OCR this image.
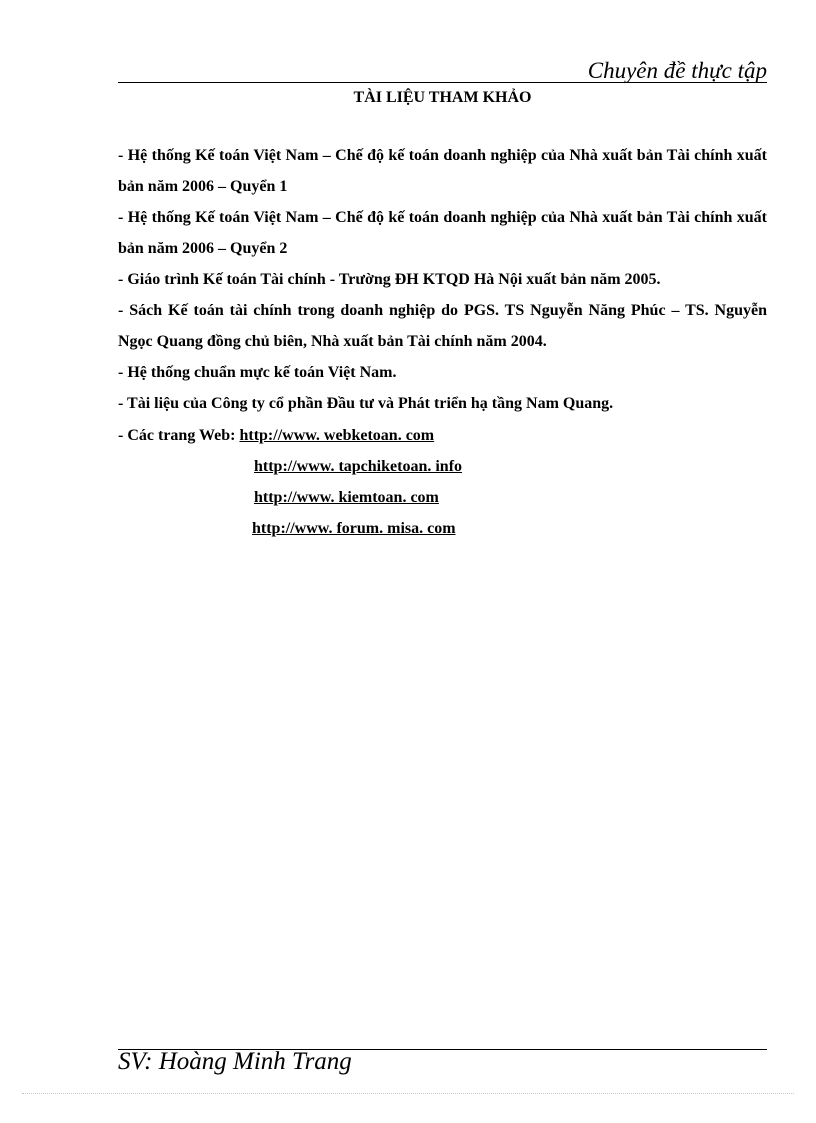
Chuyên đề thực tập
TÀI LIỆU THAM KHẢO

- Hệ thống Kế toán Việt Nam – Chế độ kế toán doanh nghiệp của Nhà xuất bản Tài chính xuất bản năm 2006 – Quyển 1

- Hệ thống Kế toán Việt Nam – Chế độ kế toán doanh nghiệp của Nhà xuất bản Tài chính xuất bản năm 2006 – Quyển 2

- Giáo trình Kế toán Tài chính - Trường ĐH KTQD Hà Nội xuất bản năm 2005.

- Sách Kế toán tài chính trong doanh nghiệp do PGS. TS Nguyễn Năng Phúc – TS. Nguyễn Ngọc Quang đồng chủ biên, Nhà xuất bản Tài chính năm 2004.

- Hệ thống chuẩn mực kế toán Việt Nam.

- Tài liệu của Công ty cổ phần Đầu tư và Phát triển hạ tầng Nam Quang.

- Các trang Web: http://www. webketoan. com
http://www. tapchiketoan. info
http://www. kiemtoan. com
http://www. forum. misa. com
SV: Hoàng Minh Trang
